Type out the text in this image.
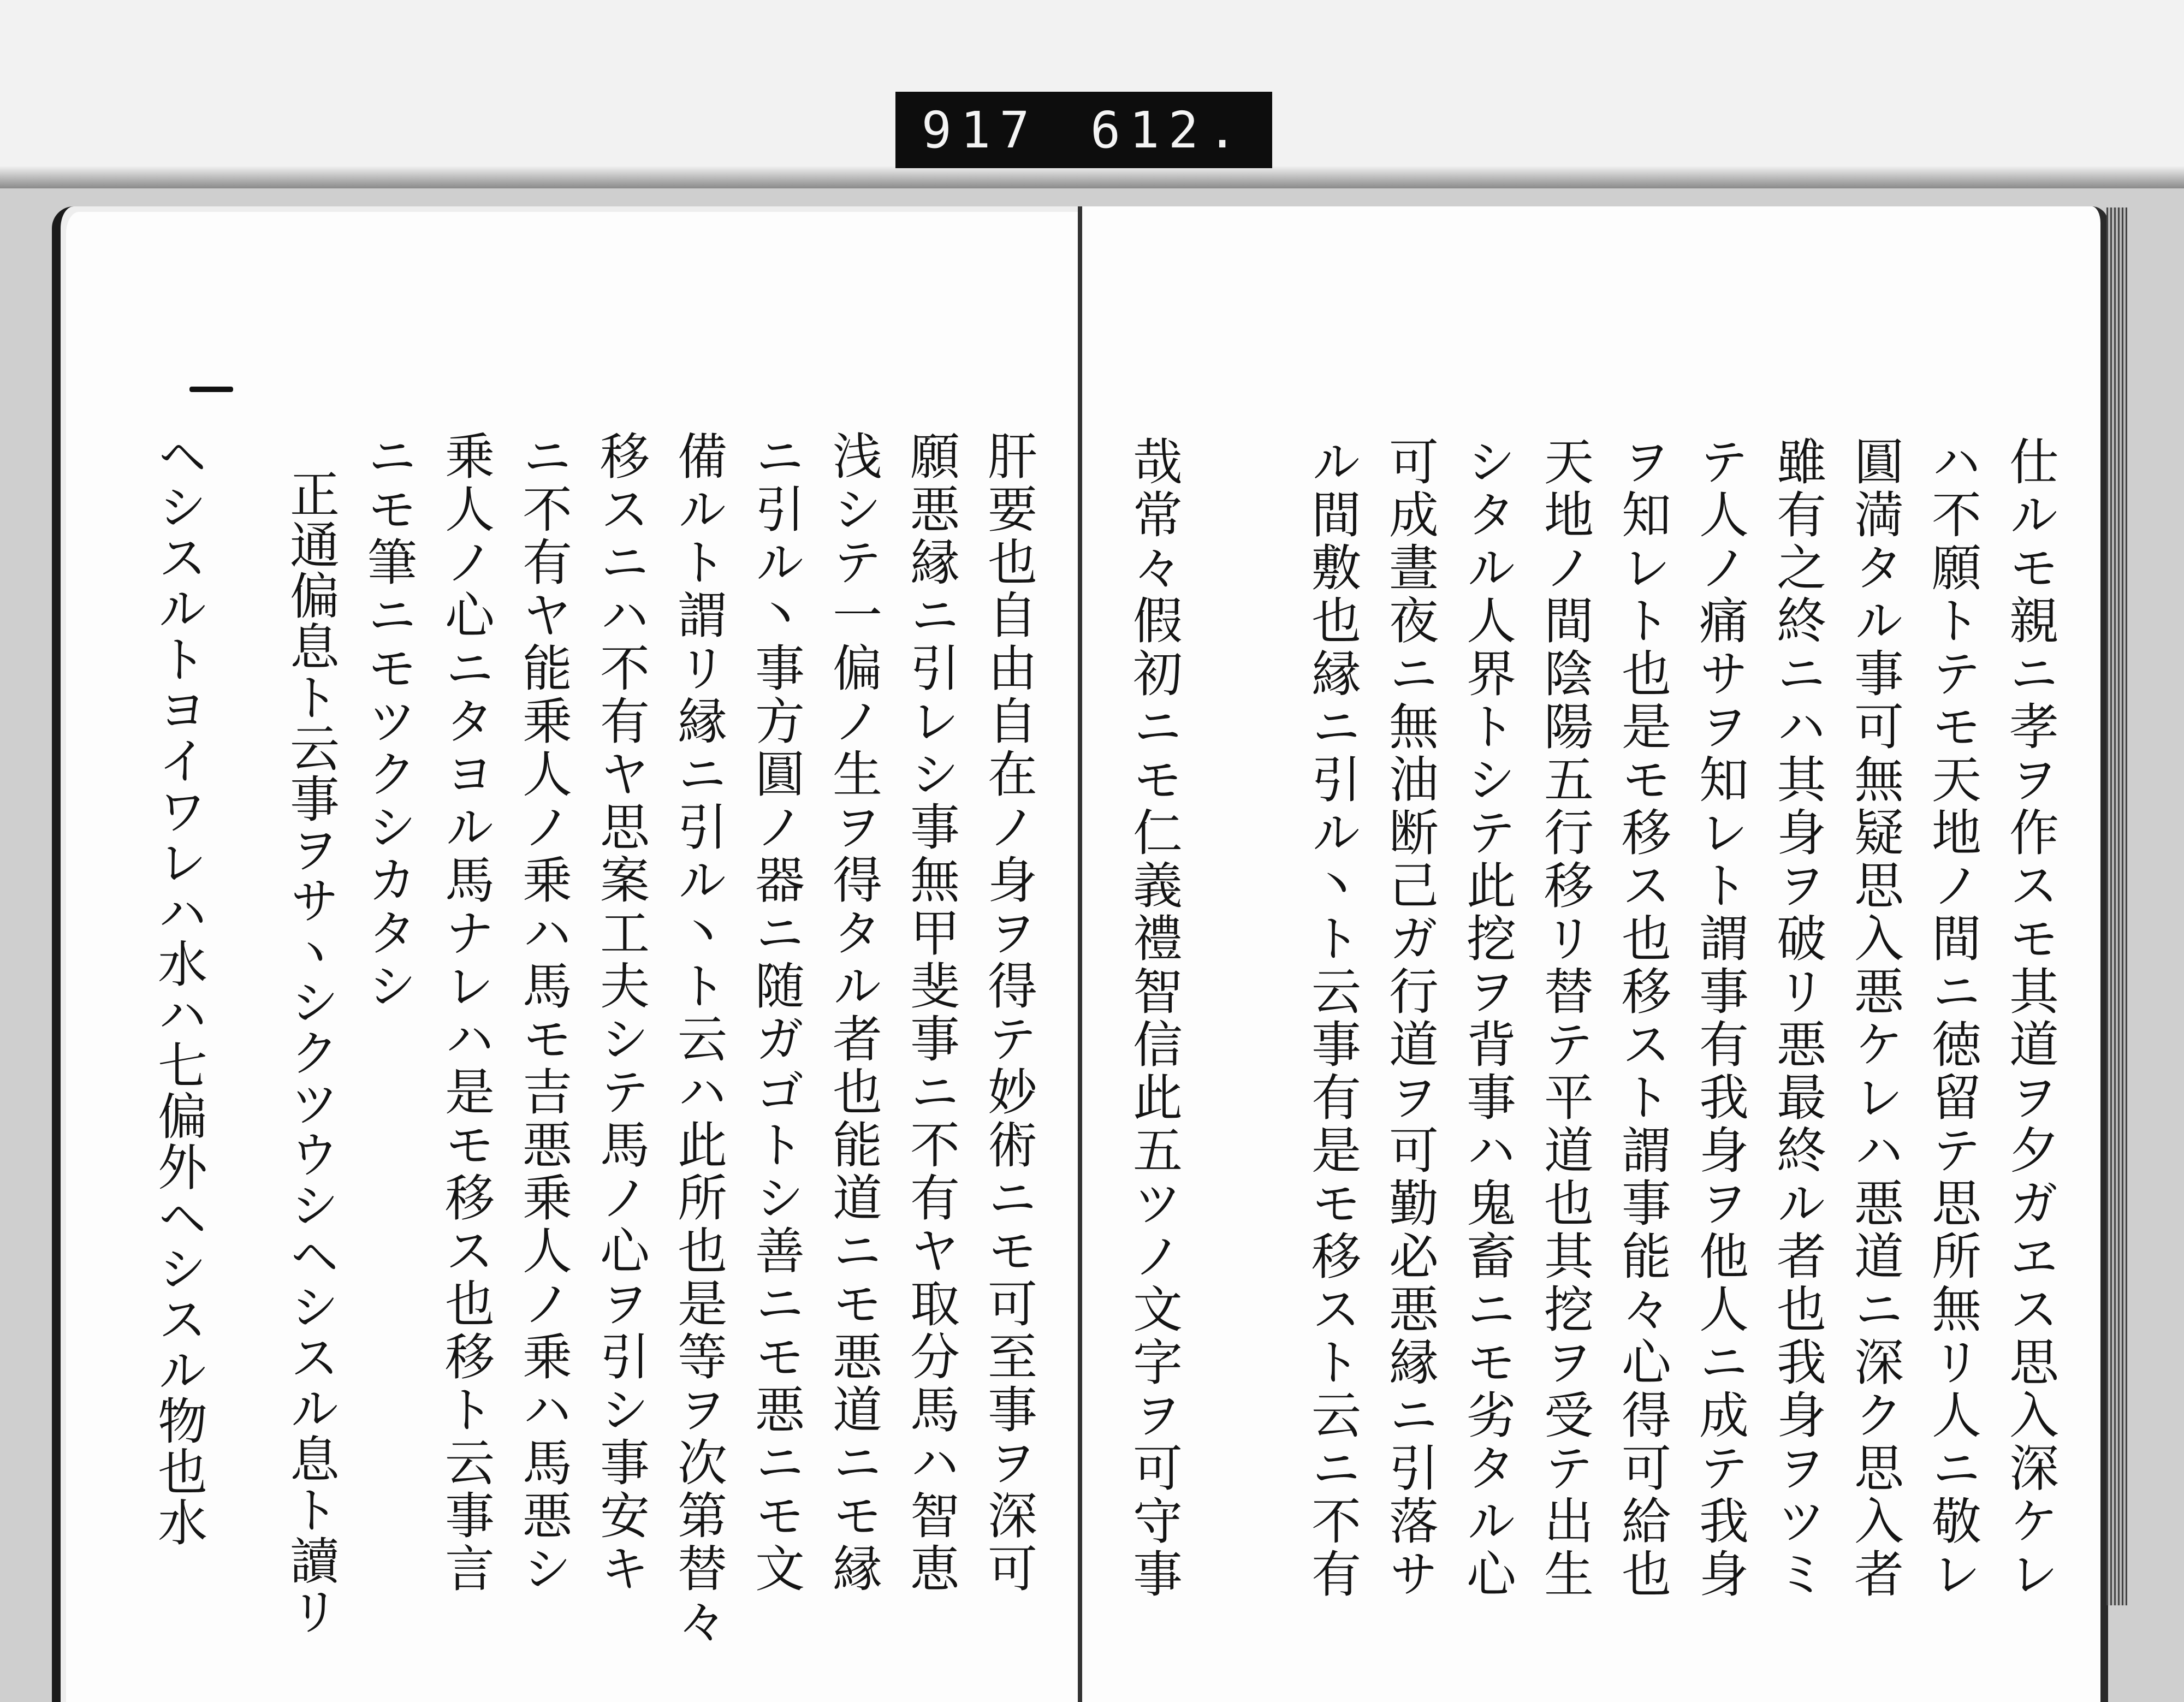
917 612.
肝要也自由自在ノ身ヲ得テ妙術ニモ可至事ヲ深可
願悪縁ニ引レシ事無甲斐事ニ不有ヤ取分馬ハ智恵
浅シテ一偏ノ生ヲ得タル者也能道ニモ悪道ニモ縁
ニ引ル丶事方圓ノ器ニ随ガゴトシ善ニモ悪ニモ文
備ルト謂リ縁ニ引ル丶ト云ハ此所也是等ヲ次第替々
移スニハ不有ヤ思案工夫シテ馬ノ心ヲ引シ事安キ
ニ不有ヤ能乗人ノ乗ハ馬モ吉悪乗人ノ乗ハ馬悪シ
乗人ノ心ニタヨル馬ナレハ是モ移ス也移ト云事言
ニモ筆ニモツクシカタシ
正通偏息ト云事ヲサヽシクツウシヘシスル息ト讀リ
ヘシスルトヨイワレハ水ハ七偏外ヘシスル物也水	仕ルモ親ニ孝ヲ作スモ其道ヲ夕ガヱス思入深ケレ
ハ不願トテモ天地ノ間ニ徳留テ思所無リ人ニ敬レ
圓満タル事可無疑思入悪ケレハ悪道ニ深ク思入者
雖有之終ニハ其身ヲ破リ悪最終ル者也我身ヲツミ
テ人ノ痛サヲ知レト謂事有我身ヲ他人ニ成テ我身
ヲ知レト也是モ移ス也移スト謂事能々心得可給也
天地ノ間陰陽五行移リ替テ平道也其挖ヲ受テ出生
シタル人界トシテ此挖ヲ背事ハ鬼畜ニモ劣タル心
可成晝夜ニ無油断己ガ行道ヲ可勤必悪縁ニ引落サ
ル間敷也縁ニ引ル丶ト云事有是モ移スト云ニ不有
哉常々假初ニモ仁義禮智信此五ツノ文字ヲ可守事
